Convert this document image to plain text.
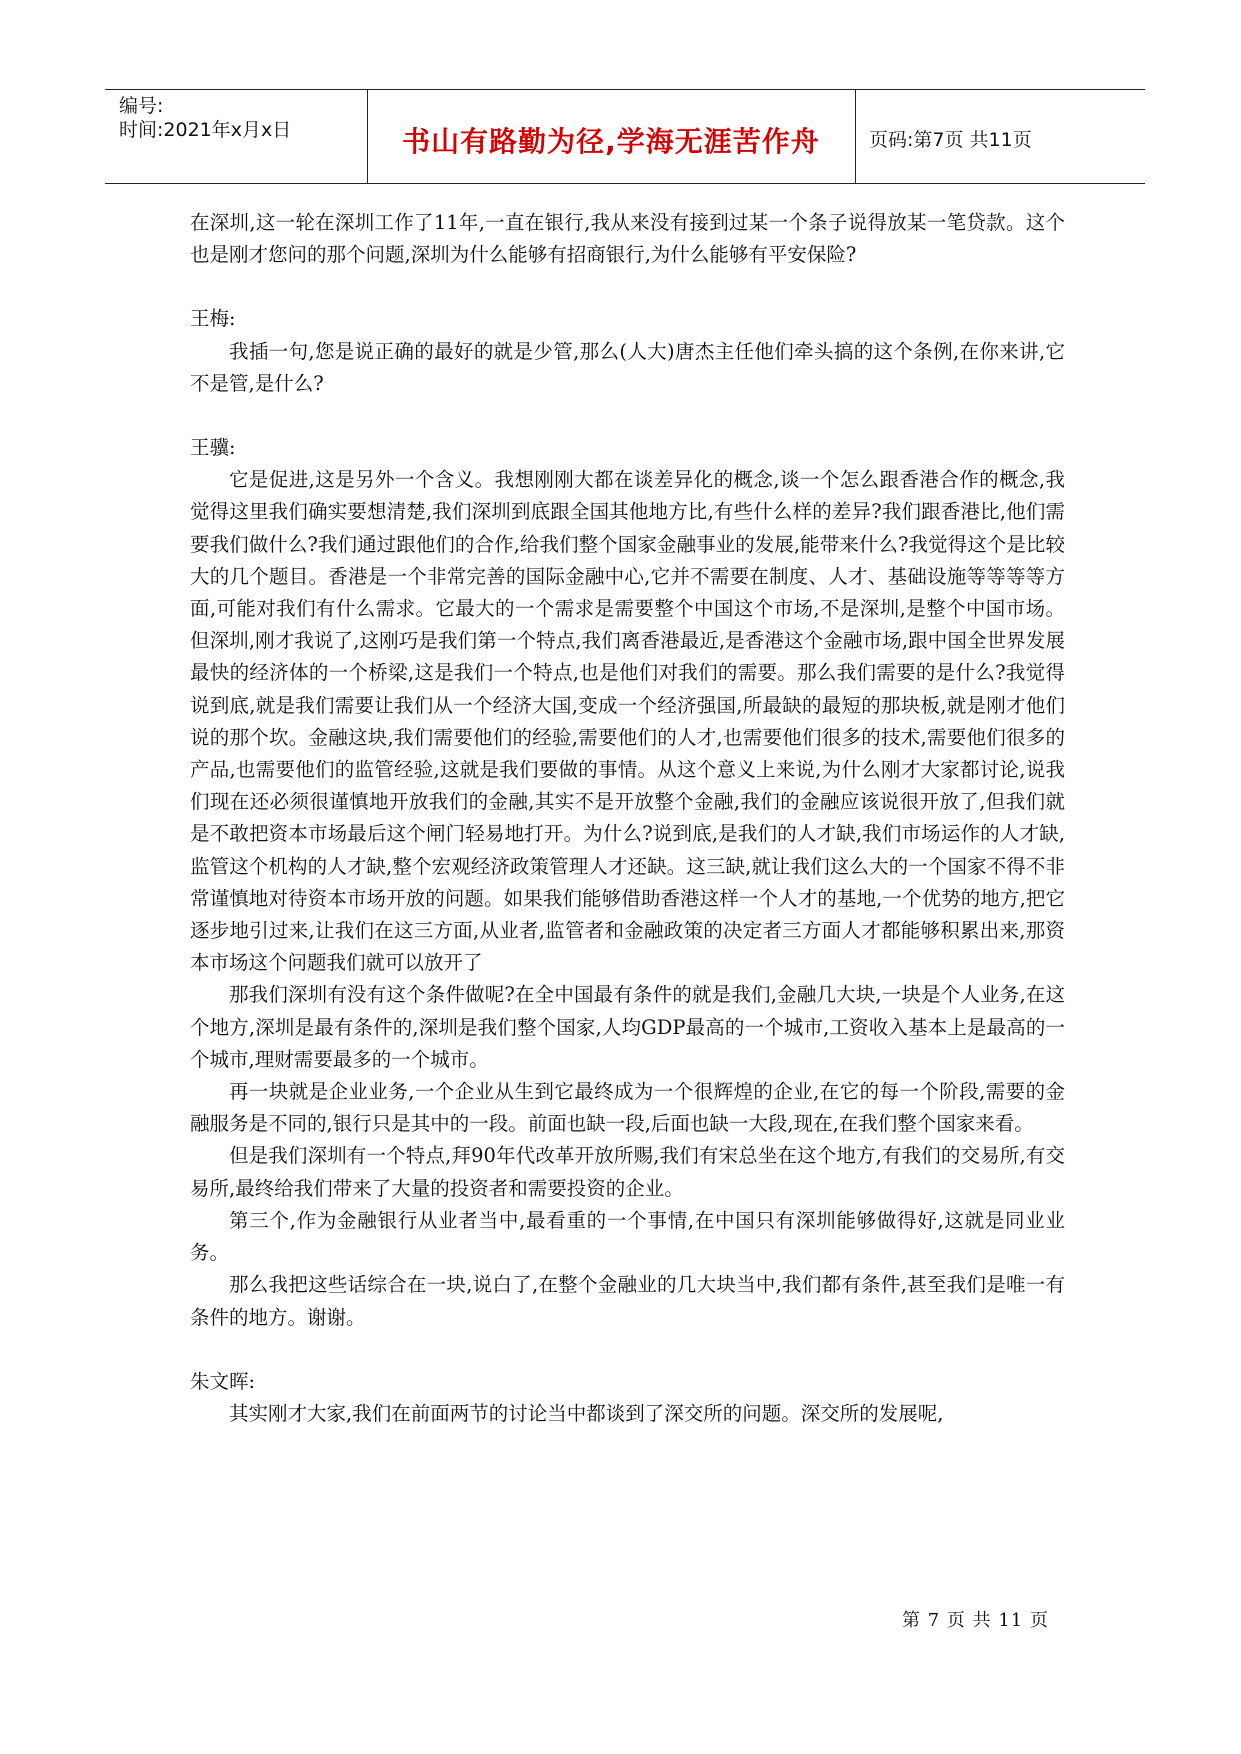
编号:
时间:2021年x月x日	书山有路勤为径,学海无涯苦作舟	页码:第7页 共11页

在深圳,这一轮在深圳工作了11年,一直在银行,我从来没有接到过某一个条子说得放某一笔贷款。这个也是刚才您问的那个问题,深圳为什么能够有招商银行,为什么能够有平安保险?

王梅:

我插一句,您是说正确的最好的就是少管,那么(人大)唐杰主任他们牵头搞的这个条例,在你来讲,它不是管,是什么?

王骥:

它是促进,这是另外一个含义。我想刚刚大都在谈差异化的概念,谈一个怎么跟香港合作的概念,我觉得这里我们确实要想清楚,我们深圳到底跟全国其他地方比,有些什么样的差异?我们跟香港比,他们需要我们做什么?我们通过跟他们的合作,给我们整个国家金融事业的发展,能带来什么?我觉得这个是比较大的几个题目。香港是一个非常完善的国际金融中心,它并不需要在制度、人才、基础设施等等等等方面,可能对我们有什么需求。它最大的一个需求是需要整个中国这个市场,不是深圳,是整个中国市场。但深圳,刚才我说了,这刚巧是我们第一个特点,我们离香港最近,是香港这个金融市场,跟中国全世界发展最快的经济体的一个桥梁,这是我们一个特点,也是他们对我们的需要。那么我们需要的是什么?我觉得说到底,就是我们需要让我们从一个经济大国,变成一个经济强国,所最缺的最短的那块板,就是刚才他们说的那个坎。金融这块,我们需要他们的经验,需要他们的人才,也需要他们很多的技术,需要他们很多的产品,也需要他们的监管经验,这就是我们要做的事情。从这个意义上来说,为什么刚才大家都讨论,说我们现在还必须很谨慎地开放我们的金融,其实不是开放整个金融,我们的金融应该说很开放了,但我们就是不敢把资本市场最后这个闸门轻易地打开。为什么?说到底,是我们的人才缺,我们市场运作的人才缺,监管这个机构的人才缺,整个宏观经济政策管理人才还缺。这三缺,就让我们这么大的一个国家不得不非常谨慎地对待资本市场开放的问题。如果我们能够借助香港这样一个人才的基地,一个优势的地方,把它逐步地引过来,让我们在这三方面,从业者,监管者和金融政策的决定者三方面人才都能够积累出来,那资本市场这个问题我们就可以放开了

那我们深圳有没有这个条件做呢?在全中国最有条件的就是我们,金融几大块,一块是个人业务,在这个地方,深圳是最有条件的,深圳是我们整个国家,人均GDP最高的一个城市,工资收入基本上是最高的一个城市,理财需要最多的一个城市。

再一块就是企业业务,一个企业从生到它最终成为一个很辉煌的企业,在它的每一个阶段,需要的金融服务是不同的,银行只是其中的一段。前面也缺一段,后面也缺一大段,现在,在我们整个国家来看。

但是我们深圳有一个特点,拜90年代改革开放所赐,我们有宋总坐在这个地方,有我们的交易所,有交易所,最终给我们带来了大量的投资者和需要投资的企业。

第三个,作为金融银行从业者当中,最看重的一个事情,在中国只有深圳能够做得好,这就是同业业务。

那么我把这些话综合在一块,说白了,在整个金融业的几大块当中,我们都有条件,甚至我们是唯一有条件的地方。谢谢。

朱文晖:

其实刚才大家,我们在前面两节的讨论当中都谈到了深交所的问题。深交所的发展呢,

第 7 页 共 11 页
